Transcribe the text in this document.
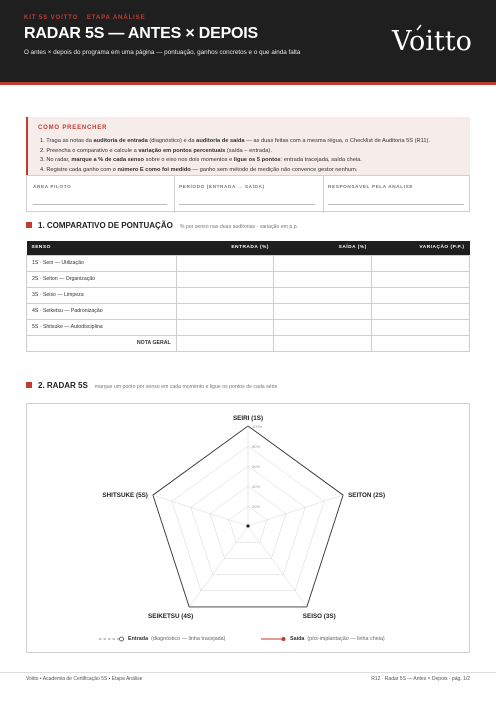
KIT 5S VOITTO ETAPA ANÁLISE
RADAR 5S — ANTES × DEPOIS
O antes × depois do programa em uma página — pontuação, ganhos concretos e o que ainda falta	Voitto
COMO PREENCHER
1. Traga as notas da auditoria de entrada (diagnóstico) e da auditoria de saída — as duas feitas com a mesma régua, o Checklist de Auditoria 5S (R11).
2. Preencha o comparativo e calcule a variação em pontos percentuais (saída − entrada).
3. No radar, marque a % de cada senso sobre o eixo nos dois momentos e ligue os 5 pontos: entrada tracejada, saída cheia.
4. Registre cada ganho com o número E como foi medido — ganho sem método de medição não convence gestor nenhum.
ÁREA PILOTO	PERÍODO (ENTRADA → SAÍDA)	RESPONSÁVEL PELA ANÁLISE
1. COMPARATIVO DE PONTUAÇÃO % por senso nas duas auditorias · variação em p.p.
SENSO	ENTRADA (%)	SAÍDA (%)	VARIAÇÃO (P.P.)
1S · Seiri — Utilização			
2S · Seiton — Organização			
3S · Seiso — Limpeza			
4S · Seiketsu — Padronização			
5S · Shitsuke — Autodisciplina			
NOTA GERAL			
2. RADAR 5S marque um ponto por senso em cada momento e ligue os pontos de cada série
20%
40%
60%
80%
100%
SEIRI (1S)
SEITON (2S)
SEISO (3S)
SEIKETSU (4S)
SHITSUKE (5S)
Entrada (diagnóstico — linha tracejada)	Saída (pós-implantação — linha cheia)
Voitto • Academia de Certificação 5S • Etapa Análise	R12 · Radar 5S — Antes × Depois · pág. 1/2
